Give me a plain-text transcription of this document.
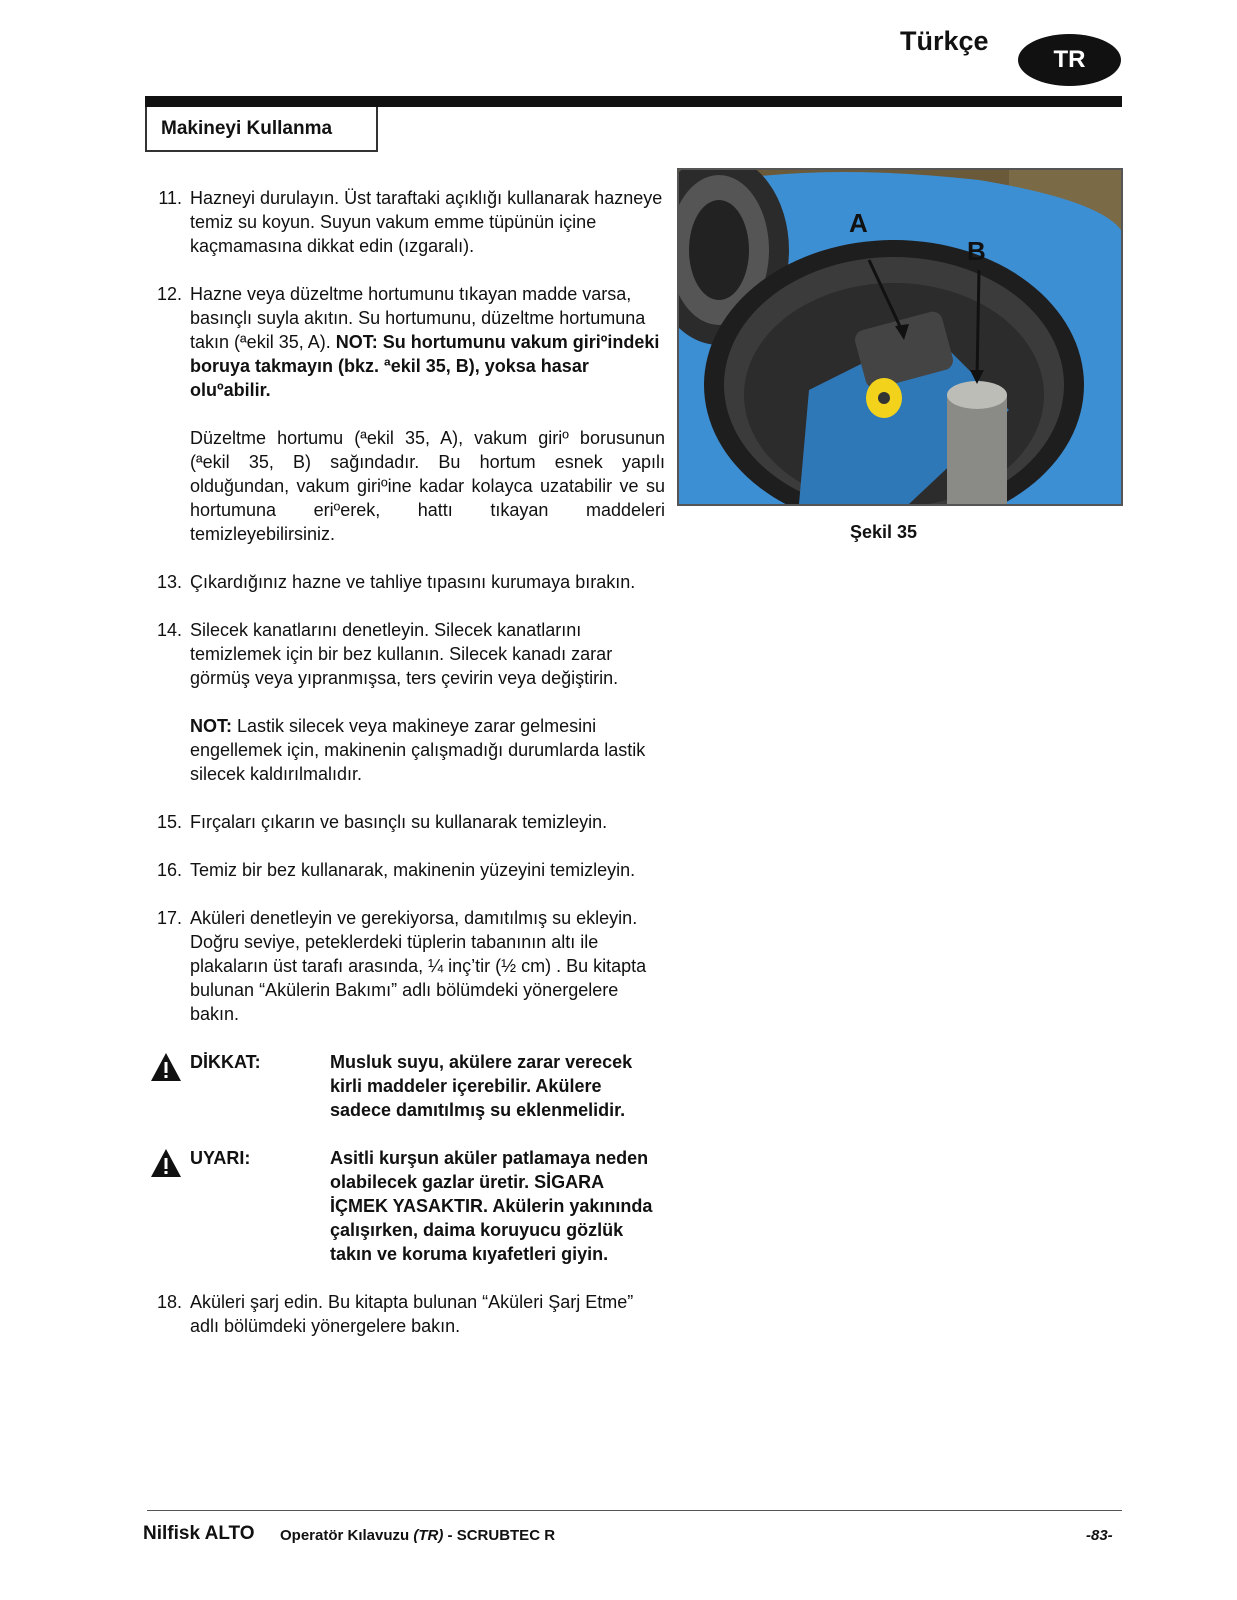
Türkçe
TR
Makineyi Kullanma
11. Hazneyi durulayın. Üst taraftaki açıklığı kullanarak hazneye temiz su koyun. Suyun vakum emme tüpünün içine kaçmamasına dikkat edin (ızgaralı).
12. Hazne veya düzeltme hortumunu tıkayan madde varsa, basınçlı suyla akıtın. Su hortumunu, düzeltme hortumuna takın (ªekil 35, A). NOT: Su hortumunu vakum giriºindeki boruya takmayın (bkz. ªekil 35, B), yoksa hasar oluºabilir.
Düzeltme hortumu (ªekil 35, A), vakum giriº borusunun (ªekil 35, B) sağındadır. Bu hortum esnek yapılı olduğundan, vakum giriºine kadar kolayca uzatabilir ve su hortumuna eriºerek, hattı tıkayan maddeleri temizleyebilirsiniz.
13. Çıkardığınız hazne ve tahliye tıpasını kurumaya bırakın.
14. Silecek kanatlarını denetleyin. Silecek kanatlarını temizlemek için bir bez kullanın. Silecek kanadı zarar görmüş veya yıpranmışsa, ters çevirin veya değiştirin.
NOT: Lastik silecek veya makineye zarar gelmesini engellemek için, makinenin çalışmadığı durumlarda lastik silecek kaldırılmalıdır.
15. Fırçaları çıkarın ve basınçlı su kullanarak temizleyin.
16. Temiz bir bez kullanarak, makinenin yüzeyini temizleyin.
17. Aküleri denetleyin ve gerekiyorsa, damıtılmış su ekleyin. Doğru seviye, peteklerdeki tüplerin tabanının altı ile plakaların üst tarafı arasında, ¼ inç’tir (½ cm) . Bu kitapta bulunan “Akülerin Bakımı” adlı bölümdeki yönergelere bakın.
DİKKAT:	Musluk suyu, akülere zarar verecek kirli maddeler içerebilir. Akülere sadece damıtılmış su eklenmelidir.
UYARI:	Asitli kurşun aküler patlamaya neden olabilecek gazlar üretir. SİGARA İÇMEK YASAKTIR. Akülerin yakınında çalışırken, daima koruyucu gözlük takın ve koruma kıyafetleri giyin.
18. Aküleri şarj edin. Bu kitapta bulunan “Aküleri Şarj Etme” adlı bölümdeki yönergelere bakın.
A
B
Şekil 35
Nilfisk ALTO Operatör Kılavuzu (TR) - SCRUBTEC R	-83-
